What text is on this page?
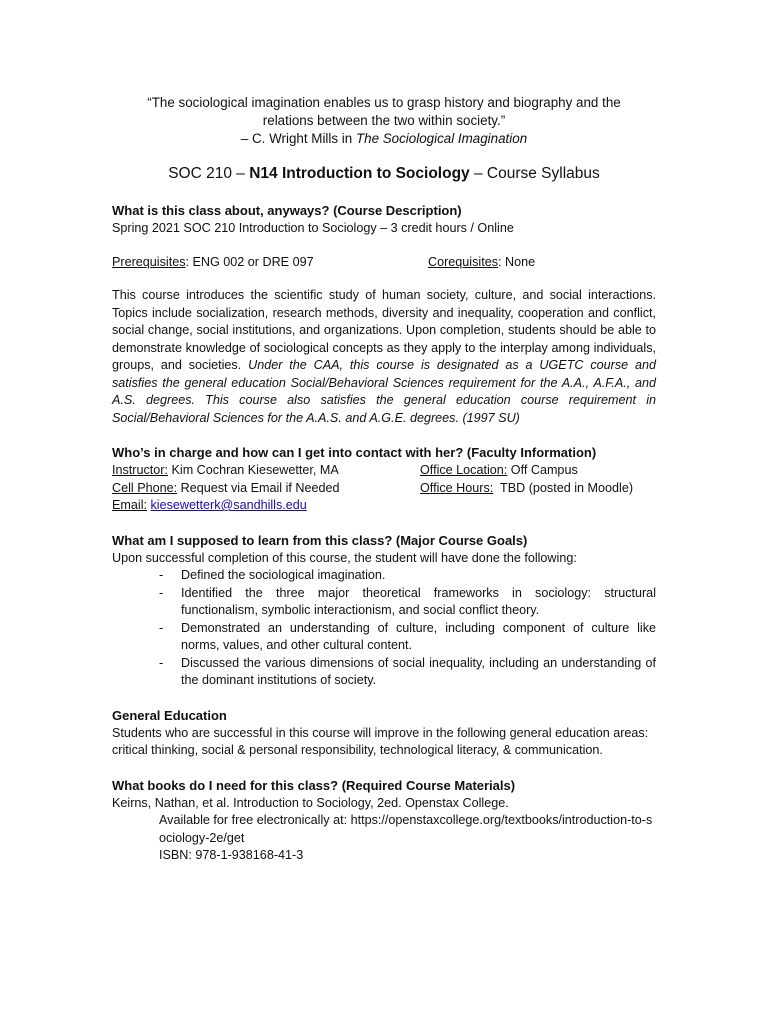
“The sociological imagination enables us to grasp history and biography and the
relations between the two within society.”

– C. Wright Mills in The Sociological Imagination

SOC 210 – N14 Introduction to Sociology – Course Syllabus

What is this class about, anyways? (Course Description)

Spring 2021 SOC 210 Introduction to Sociology – 3 credit hours / Online

Prerequisites: ENG 002 or DRE 097	Corequisites: None

This course introduces the scientific study of human society, culture, and social interactions. Topics include socialization, research methods, diversity and inequality, cooperation and conflict, social change, social institutions, and organizations. Upon completion, students should be able to demonstrate knowledge of sociological concepts as they apply to the interplay among individuals, groups, and societies. Under the CAA, this course is designated as a UGETC course and satisfies the general education Social/Behavioral Sciences requirement for the A.A., A.F.A., and A.S. degrees. This course also satisfies the general education course requirement in Social/Behavioral Sciences for the A.A.S. and A.G.E. degrees. (1997 SU)

Who’s in charge and how can I get into contact with her? (Faculty Information)

Instructor: Kim Cochran Kiesewetter, MA	Office Location: Off Campus
Cell Phone: Request via Email if Needed	Office Hours:  TBD (posted in Moodle)
Email: kiesewetterk@sandhills.edu

What am I supposed to learn from this class? (Major Course Goals)

Upon successful completion of this course, the student will have done the following:

- Defined the sociological imagination.
- Identified the three major theoretical frameworks in sociology: structural functionalism, symbolic interactionism, and social conflict theory.
- Demonstrated an understanding of culture, including component of culture like norms, values, and other cultural content.
- Discussed the various dimensions of social inequality, including an understanding of the dominant institutions of society.

General Education

Students who are successful in this course will improve in the following general education areas: critical thinking, social & personal responsibility, technological literacy, & communication.

What books do I need for this class? (Required Course Materials)

Keirns, Nathan, et al. Introduction to Sociology, 2ed. Openstax College.

Available for free electronically at: https://openstaxcollege.org/textbooks/introduction-to-sociology-2e/get

ISBN: 978-1-938168-41-3
